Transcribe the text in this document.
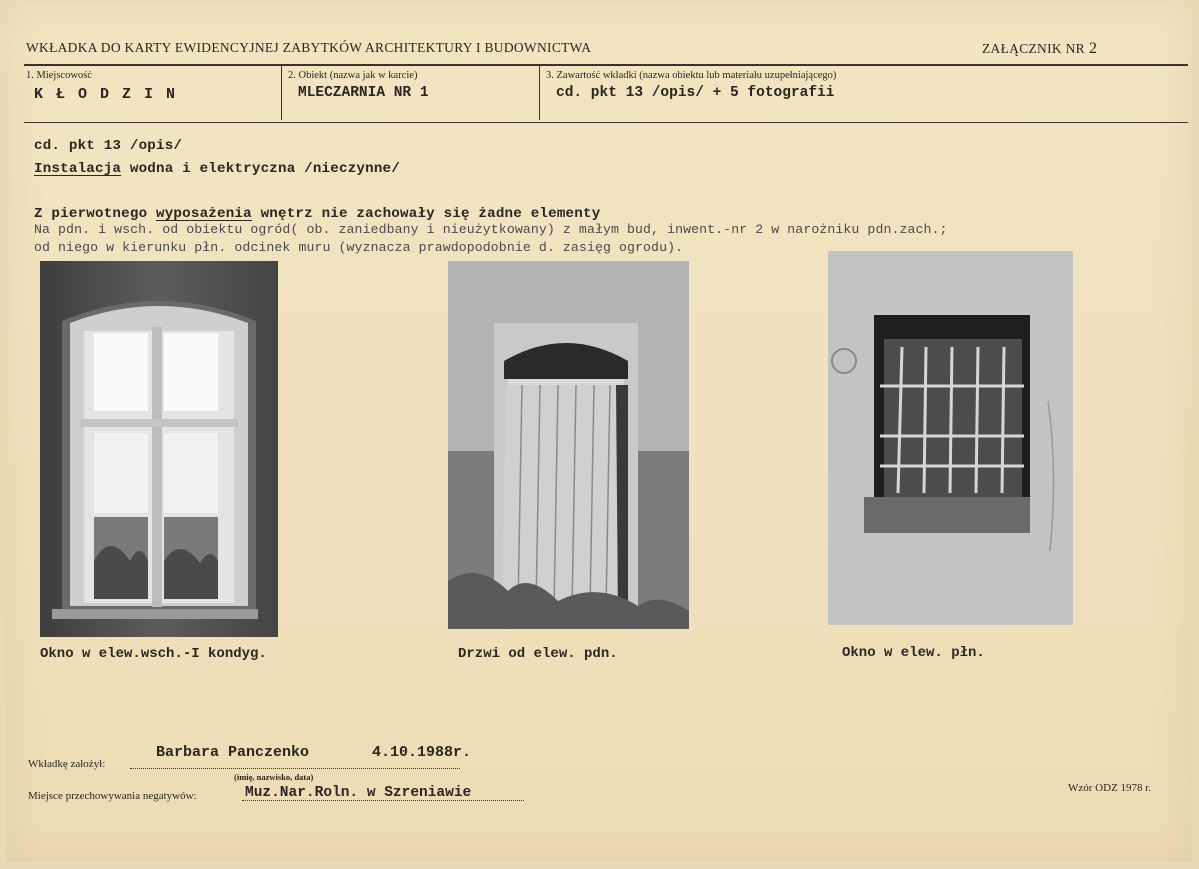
WKŁADKA DO KARTY EWIDENCYJNEJ ZABYTKÓW ARCHITEKTURY I BUDOWNICTWA	ZAŁĄCZNIK NR 2
1. Miejscowość
K Ł O D Z I N
2. Obiekt (nazwa jak w karcie)
MLECZARNIA NR 1
3. Zawartość wkładki (nazwa obiektu lub materiału uzupełniającego)
cd. pkt 13 /opis/ + 5 fotografii
cd. pkt 13 /opis/
Instalacja wodna i elektryczna /nieczynne/
Z pierwotnego wyposażenia wnętrz nie zachowały się żadne elementy
Na pdn. i wsch. od obiektu ogród( ob. zaniedbany i nieużytkowany) z małym bud, inwent.-nr 2 w narożniku pdn.zach.;
od niego w kierunku płn. odcinek muru (wyznacza prawdopodobnie d. zasięg ogrodu).
Okno w elew.wsch.-I kondyg.	Drzwi od elew. pdn.	Okno w elew. płn.
Wkładkę założył:
Barbara Panczenko	4.10.1988r.
(imię, nazwisko, data)
Miejsce przechowywania negatywów:	Muz.Nar.Roln. w Szreniawie	Wzór ODZ 1978 r.
